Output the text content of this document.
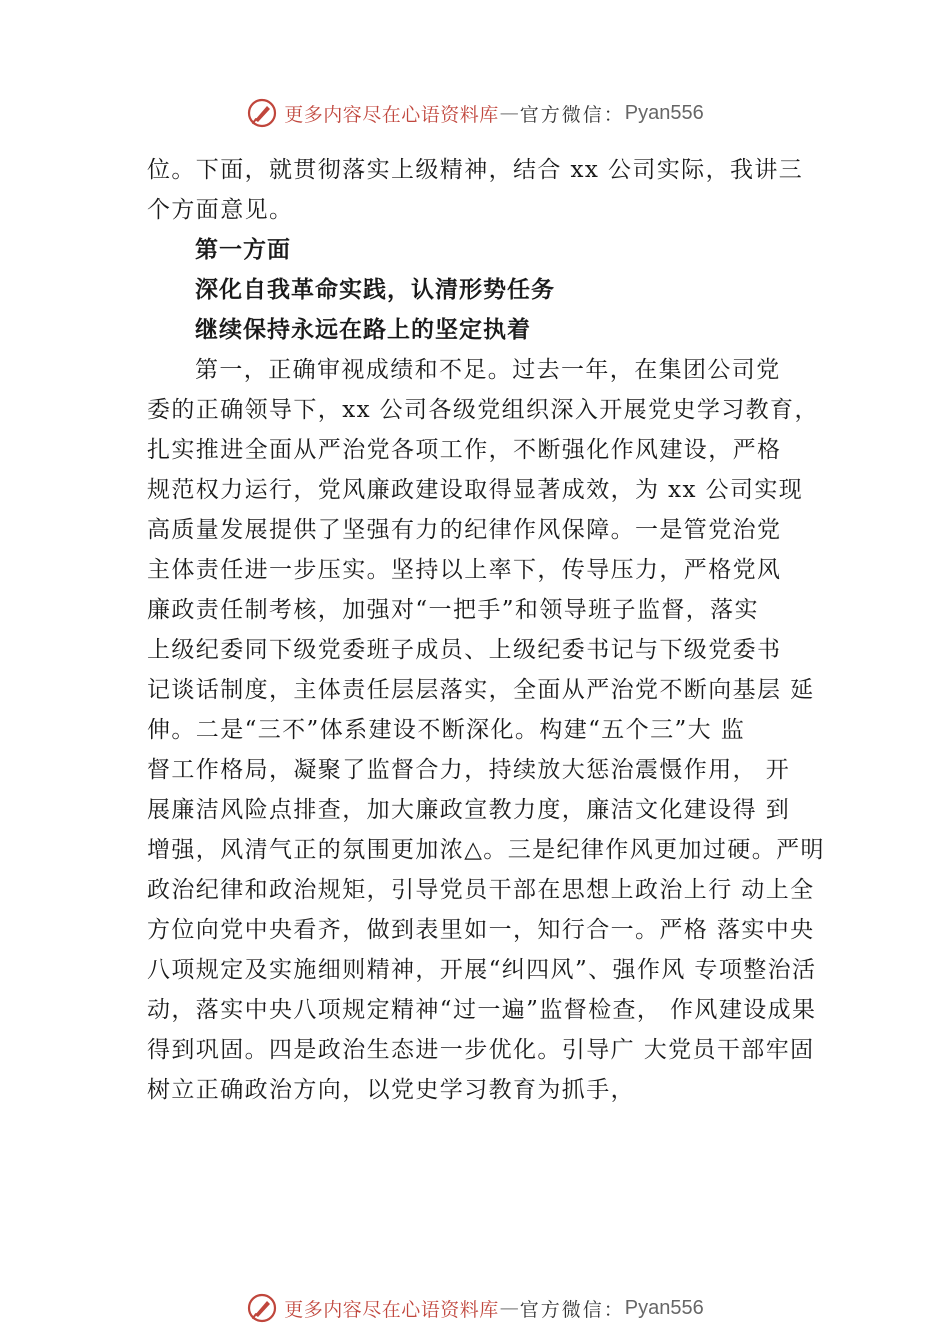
更多内容尽在心语资料库 — 官方微信： Pyan556
位。下面，就贯彻落实上级精神，结合 xx 公司实际，我讲三
个方面意见。
第一方面
深化自我革命实践，认清形势任务
继续保持永远在路上的坚定执着
第一，正确审视成绩和不足。过去一年，在集团公司党
委的正确领导下，xx 公司各级党组织深入开展党史学习教育，
扎实推进全面从严治党各项工作，不断强化作风建设，严格
规范权力运行，党风廉政建设取得显著成效，为 xx 公司实现
高质量发展提供了坚强有力的纪律作风保障。一是管党治党
主体责任进一步压实。坚持以上率下，传导压力，严格党风
廉政责任制考核，加强对“一把手”和领导班子监督，落实
上级纪委同下级党委班子成员、上级纪委书记与下级党委书
记谈话制度，主体责任层层落实，全面从严治党不断向基层 延
伸。二是“三不”体系建设不断深化。构建“五个三”大 监
督工作格局，凝聚了监督合力，持续放大惩治震慑作用， 开
展廉洁风险点排查，加大廉政宣教力度，廉洁文化建设得 到
增强，风清气正的氛围更加浓△。三是纪律作风更加过硬。严明
政治纪律和政治规矩，引导党员干部在思想上政治上行 动上全
方位向党中央看齐，做到表里如一，知行合一。严格 落实中央
八项规定及实施细则精神，开展“纠四风”、强作风 专项整治活
动，落实中央八项规定精神“过一遍”监督检查， 作风建设成果
得到巩固。四是政治生态进一步优化。引导广 大党员干部牢固
树立正确政治方向，以党史学习教育为抓手，
更多内容尽在心语资料库 — 官方微信： Pyan556
